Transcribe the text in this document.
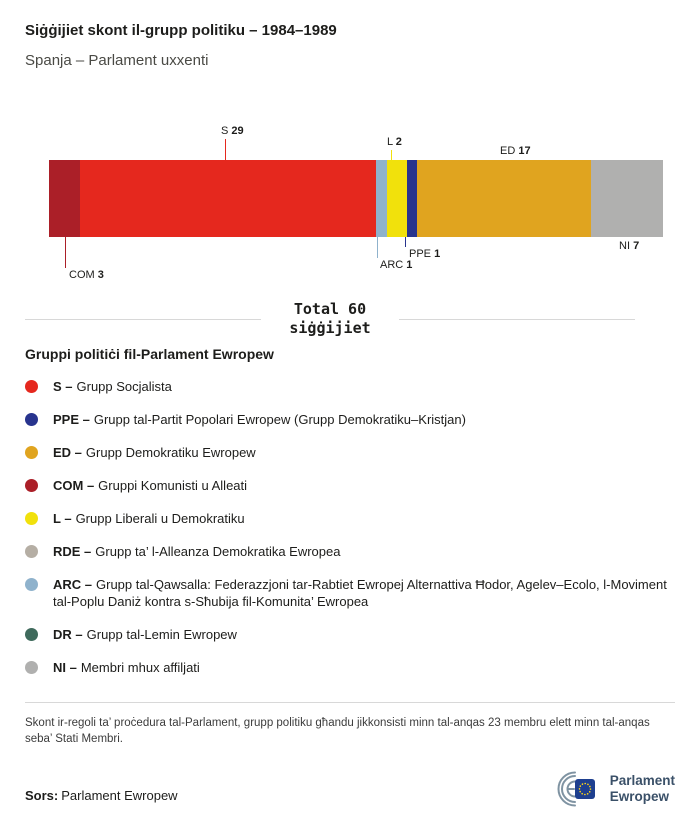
Siġġijiet skont il-grupp politiku – 1984–1989

Spanja – Parlament uxxenti

S 29
L 2
ED 17
NI 7
PPE 1
ARC 1
COM 3
Total 60
siġġijiet
Gruppi politiċi fil-Parlament Ewropew
S – Grupp Socjalista
PPE – Grupp tal-Partit Popolari Ewropew (Grupp Demokratiku–Kristjan)
ED – Grupp Demokratiku Ewropew
COM – Gruppi Komunisti u Alleati
L – Grupp Liberali u Demokratiku
RDE – Grupp ta’ l-Alleanza Demokratika Ewropea
ARC – Grupp tal-Qawsalla: Federazzjoni tar-Rabtiet Ewropej Alternattiva Ħodor, Agelev–Ecolo, l-Moviment tal-Poplu Daniż kontra s-Sħubija fil-Komunita’ Ewropea
DR – Grupp tal-Lemin Ewropew
NI – Membri mhux affiljati

Skont ir-regoli ta’ proċedura tal-Parlament, grupp politiku għandu jikkonsisti minn tal-anqas 23 membru elett minn tal-anqas seba’ Stati Membri.

Sors: Parlament Ewropew
Parlament
Ewropew
